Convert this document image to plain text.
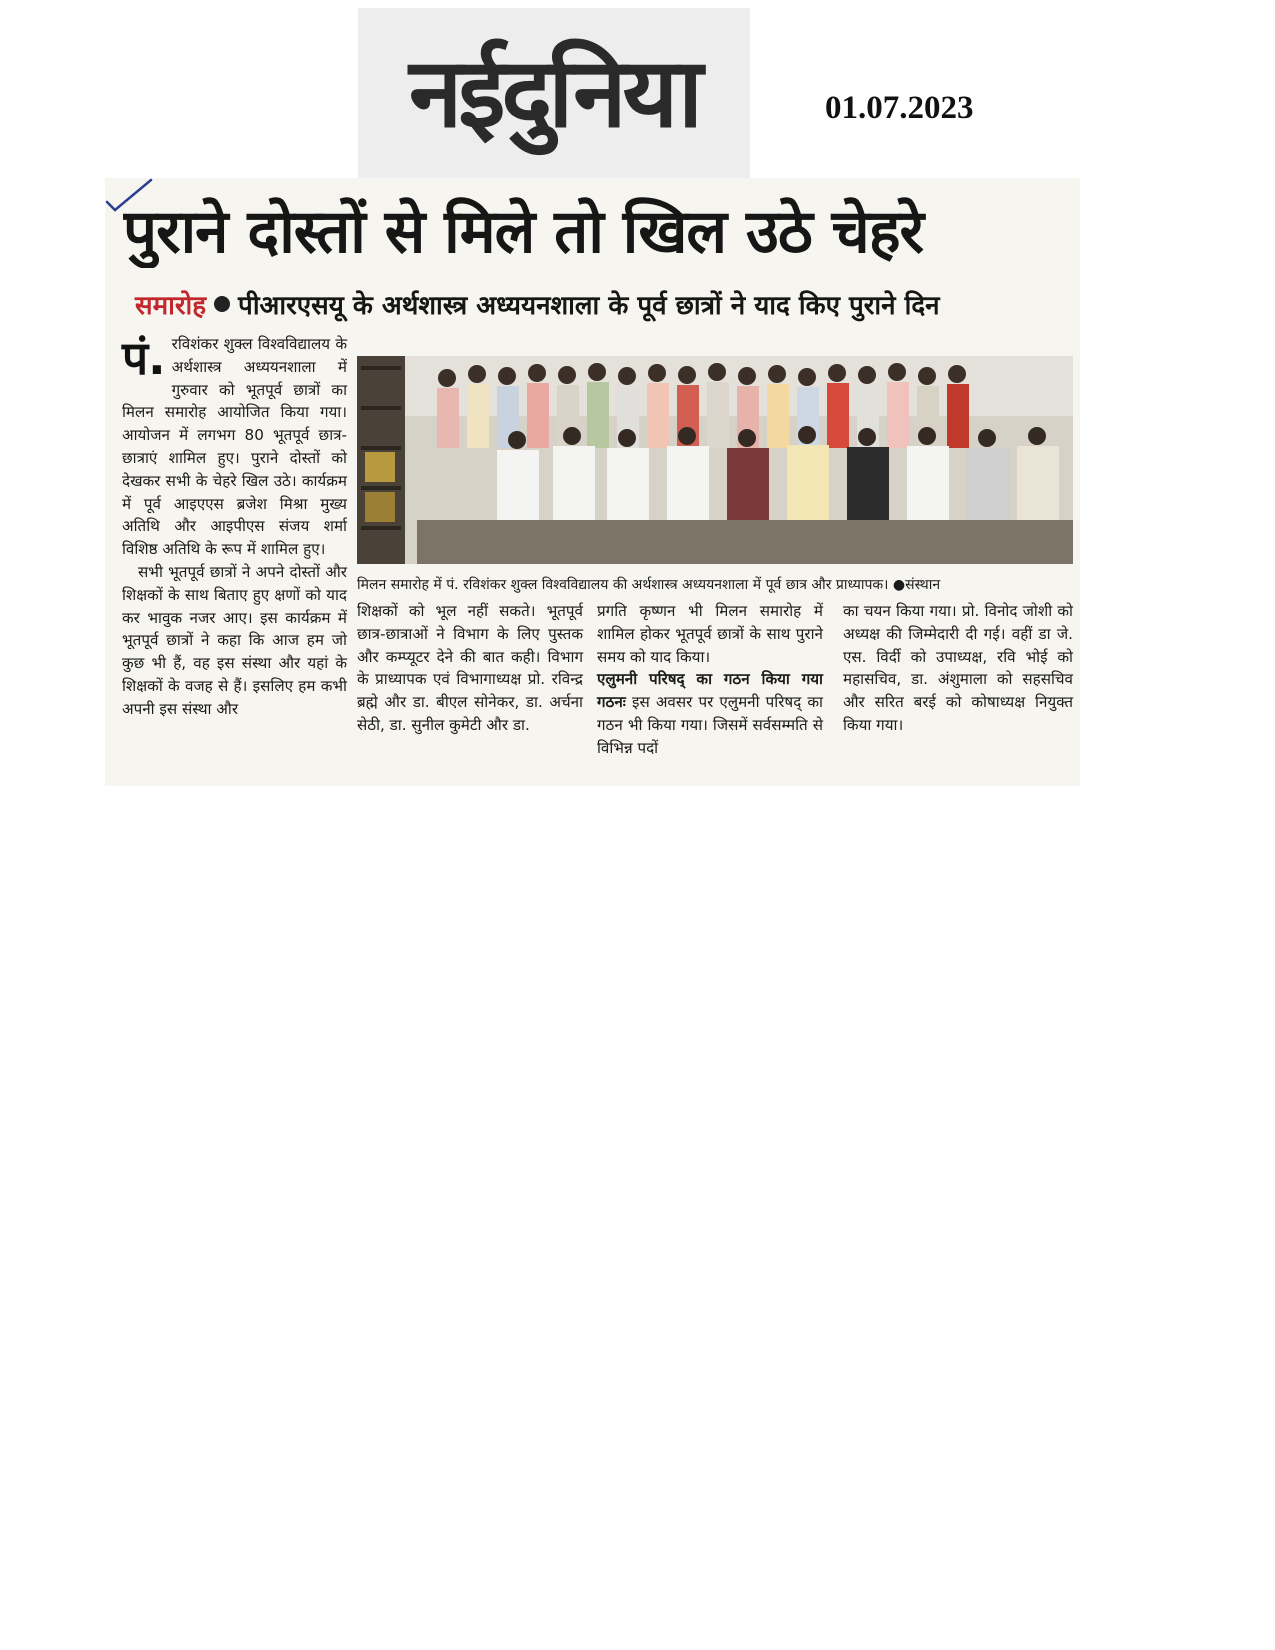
नईदुनिया	01.07.2023
पुराने दोस्तों से मिले तो खिल उठे चेहरे
समारोह पीआरएसयू के अर्थशास्त्र अध्ययनशाला के पूर्व छात्रों ने याद किए पुराने दिन
पं. रविशंकर शुक्ल विश्वविद्यालय के अर्थशास्त्र अध्ययनशाला में गुरुवार को भूतपूर्व छात्रों का मिलन समारोह आयोजित किया गया। आयोजन में लगभग 80 भूतपूर्व छात्र-छात्राएं शामिल हुए। पुराने दोस्तों को देखकर सभी के चेहरे खिल उठे। कार्यक्रम में पूर्व आइएएस ब्रजेश मिश्रा मुख्य अतिथि और आइपीएस संजय शर्मा विशिष्ठ अतिथि के रूप में शामिल हुए।

सभी भूतपूर्व छात्रों ने अपने दोस्तों और शिक्षकों के साथ बिताए हुए क्षणों को याद कर भावुक नजर आए। इस कार्यक्रम में भूतपूर्व छात्रों ने कहा कि आज हम जो कुछ भी हैं, वह इस संस्था और यहां के शिक्षकों के वजह से हैं। इसलिए हम कभी अपनी इस संस्था और

मिलन समारोह में पं. रविशंकर शुक्ल विश्वविद्यालय की अर्थशास्त्र अध्ययनशाला में पूर्व छात्र और प्राध्यापक। ●संस्थान

शिक्षकों को भूल नहीं सकते। भूतपूर्व छात्र-छात्राओं ने विभाग के लिए पुस्तक और कम्प्यूटर देने की बात कही। विभाग के प्राध्यापक एवं विभागाध्यक्ष प्रो. रविन्द्र ब्रह्मे और डा. बीएल सोनेकर, डा. अर्चना सेठी, डा. सुनील कुमेटी और डा.

प्रगति कृष्णन भी मिलन समारोह में शामिल होकर भूतपूर्व छात्रों के साथ पुराने समय को याद किया।

एलुमनी परिषद् का गठन किया गया गठनः इस अवसर पर एलुमनी परिषद् का गठन भी किया गया। जिसमें सर्वसम्मति से विभिन्न पदों

का चयन किया गया। प्रो. विनोद जोशी को अध्यक्ष की जिम्मेदारी दी गई। वहीं डा जे. एस. विर्दी को उपाध्यक्ष, रवि भोई को महासचिव, डा. अंशुमाला को सहसचिव और सरित बरई को कोषाध्यक्ष नियुक्त किया गया।
